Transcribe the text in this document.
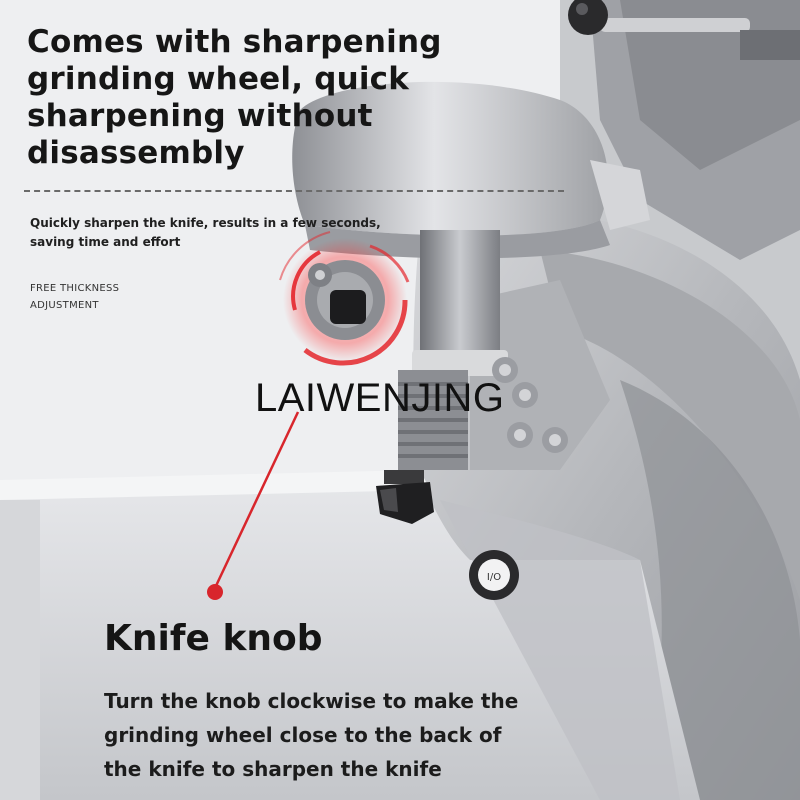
I/O
Comes with sharpening grinding wheel, quick sharpening without disassembly
Quickly sharpen the knife, results in a few seconds, saving time and effort
FREE THICKNESS ADJUSTMENT
LAIWENJING
Knife knob
Turn the knob clockwise to make the grinding wheel close to the back of the knife to sharpen the knife
